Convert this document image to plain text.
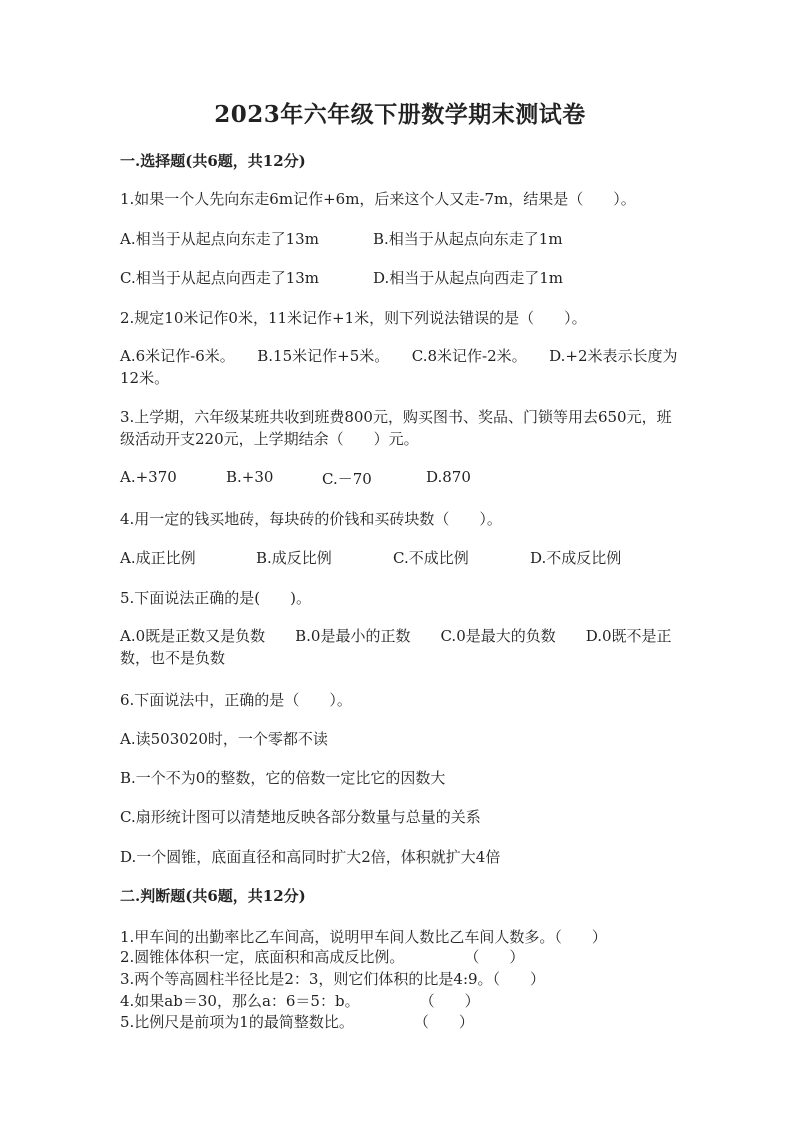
2023年六年级下册数学期末测试卷
一.选择题(共6题，共12分)
1.如果一个人先向东走6m记作+6m，后来这个人又走-7m，结果是（　　）。
A.相当于从起点向东走了13m	B.相当于从起点向东走了1m
C.相当于从起点向西走了13m	D.相当于从起点向西走了1m
2.规定10米记作0米，11米记作+1米，则下列说法错误的是（　　）。
A.6米记作-6米。　　B.15米记作+5米。　　C.8米记作-2米。　　D.+2米表示长度为12米。
3.上学期，六年级某班共收到班费800元，购买图书、奖品、门锁等用去650元，班级活动开支220元，上学期结余（　　）元。
A.+370	B.+30	C.－70	D.870
4.用一定的钱买地砖，每块砖的价钱和买砖块数（　　）。
A.成正比例	B.成反比例	C.不成比例	D.不成反比例
5.下面说法正确的是(　　)。
A.0既是正数又是负数　　B.0是最小的正数　　C.0是最大的负数　　D.0既不是正数，也不是负数
6.下面说法中，正确的是（　　）。
A.读503020时，一个零都不读
B.一个不为0的整数，它的倍数一定比它的因数大
C.扇形统计图可以清楚地反映各部分数量与总量的关系
D.一个圆锥，底面直径和高同时扩大2倍，体积就扩大4倍
二.判断题(共6题，共12分)
1.甲车间的出勤率比乙车间高，说明甲车间人数比乙车间人数多。（　　）
2.圆锥体体积一定，底面积和高成反比例。　　　　　（　　）
3.两个等高圆柱半径比是2：3，则它们体积的比是4:9。（　　）
4.如果ab＝30，那么a：6＝5：b。　　　　　（　　）
5.比例尺是前项为1的最简整数比。　　　　　（　　）
